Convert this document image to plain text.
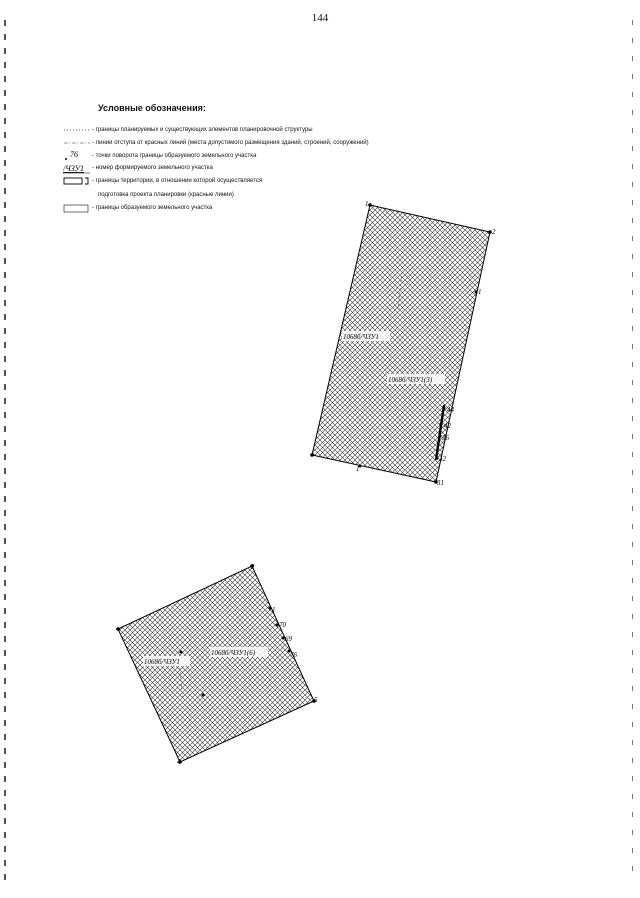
144
Условные обозначения:
- границы планируемых и существующих элементов планировочной структуры
- линии отступа от красных линий (места допустимого размещения зданий, строений, сооружений)
76 - точки поворота границы образуемого земельного участка
/ЧЗУ1 - номер формируемого земельного участка
- границы территории, в отношении которой осуществляется
подготовка проекта планировки (красные линии)
- границы образуемого земельного участка
1068б/ЧЗУ1
1068б/ЧЗУ1(3)
2
1
44
42
36
32
31
1
1
1068б/ЧЗУ1
1068б/ЧЗУ1(6)
2
1
70
69
76
5
4
